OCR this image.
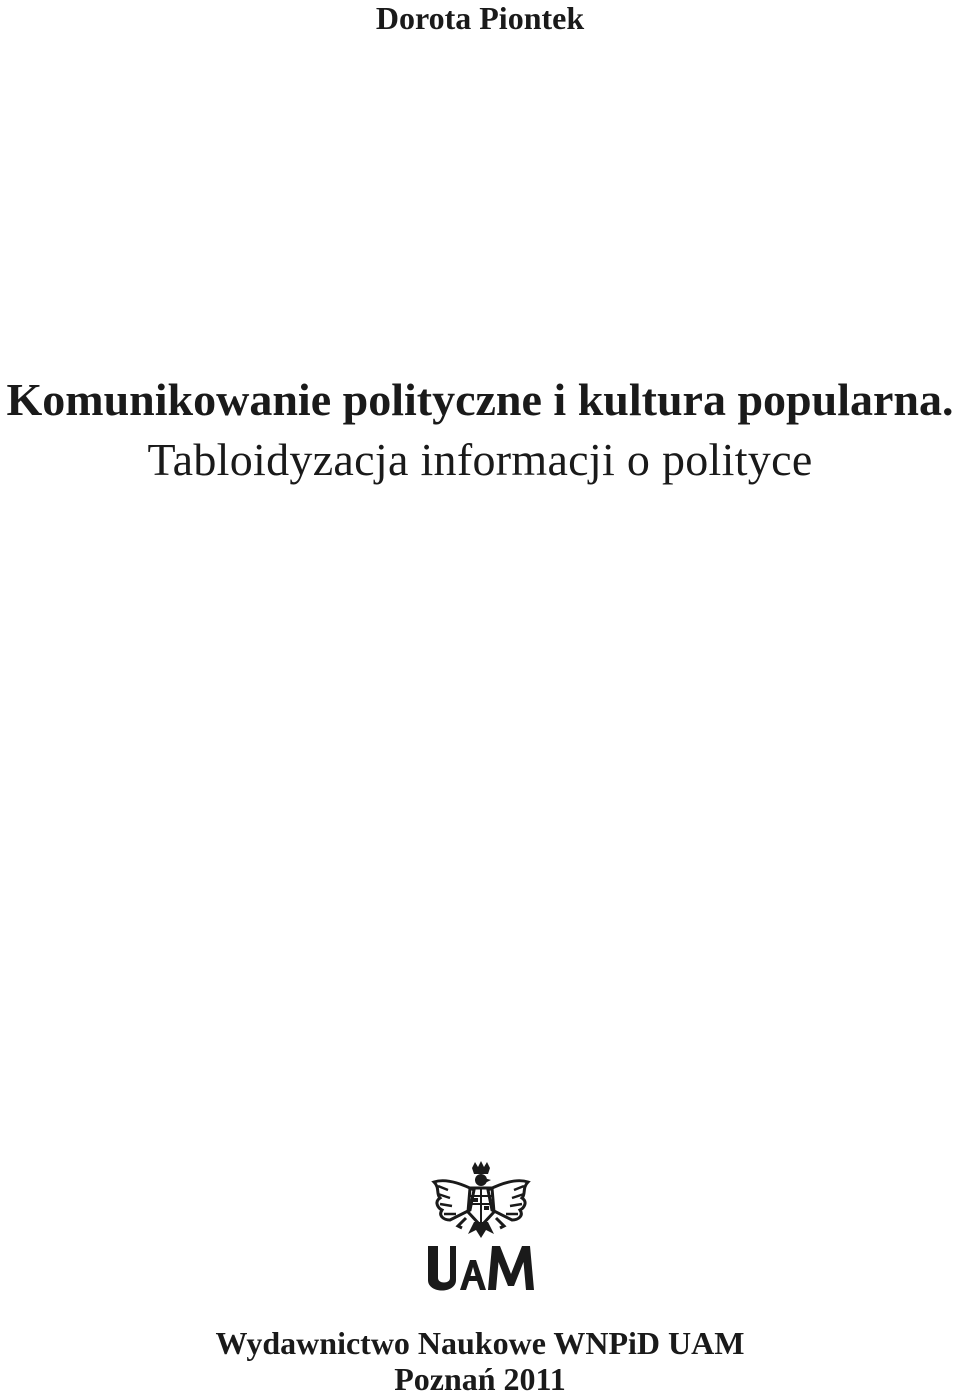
Dorota Piontek
Komunikowanie polityczne i kultura popularna.
Tabloidyzacja informacji o polityce
Wydawnictwo Naukowe WNPiD UAM
Poznań 2011
